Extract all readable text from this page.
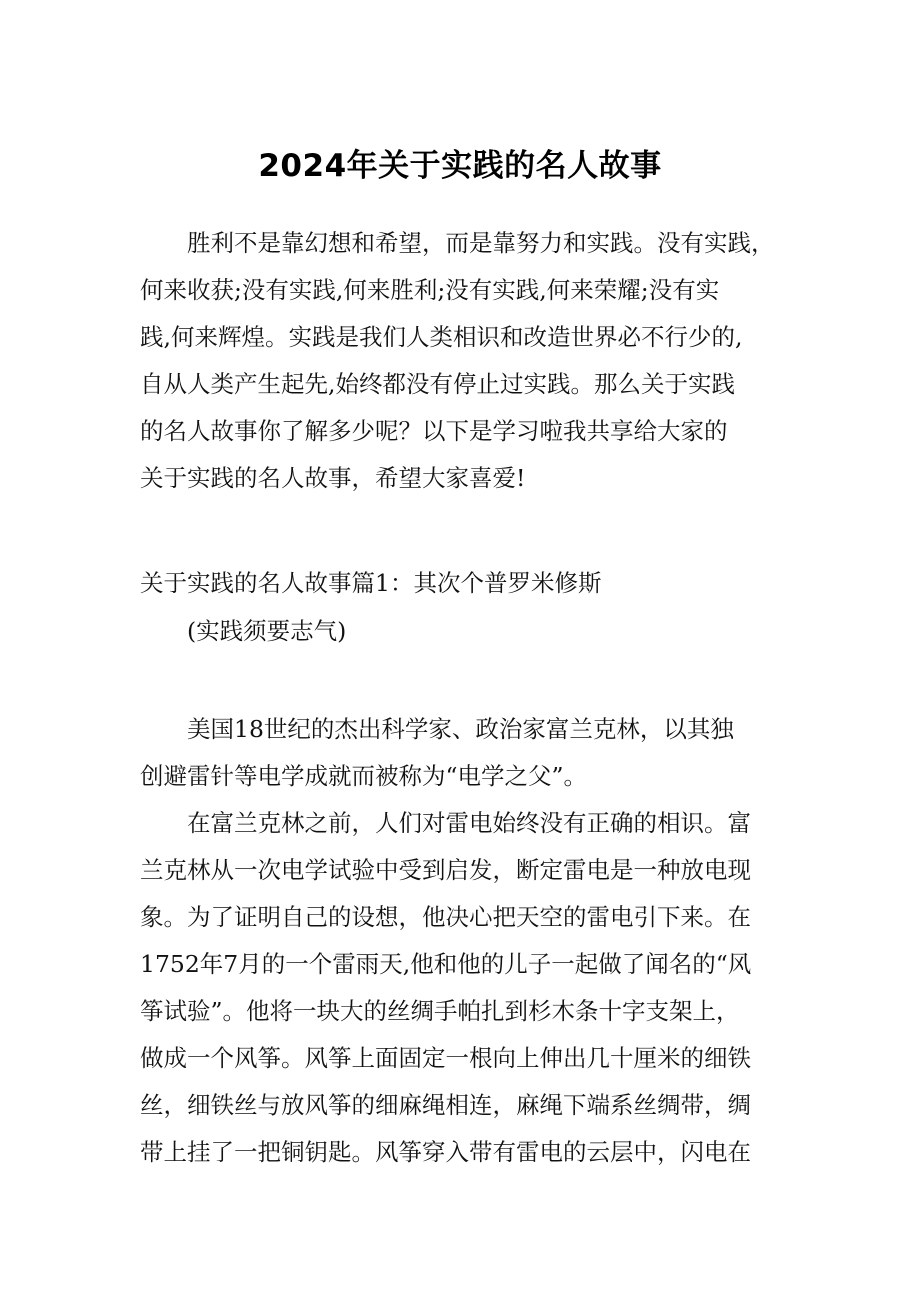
2024年关于实践的名人故事
胜利不是靠幻想和希望，而是靠努力和实践。没有实践，
何来收获;没有实践,何来胜利;没有实践,何来荣耀;没有实
践,何来辉煌。实践是我们人类相识和改造世界必不行少的,
自从人类产生起先,始终都没有停止过实践。那么关于实践
的名人故事你了解多少呢？以下是学习啦我共享给大家的
关于实践的名人故事，希望大家喜爱!
关于实践的名人故事篇1：其次个普罗米修斯
(实践须要志气)
美国18世纪的杰出科学家、政治家富兰克林，以其独
创避雷针等电学成就而被称为“电学之父”。
在富兰克林之前，人们对雷电始终没有正确的相识。富
兰克林从一次电学试验中受到启发，断定雷电是一种放电现
象。为了证明自己的设想，他决心把天空的雷电引下来。在
1752年7月的一个雷雨天,他和他的儿子一起做了闻名的“风
筝试验”。他将一块大的丝绸手帕扎到杉木条十字支架上，
做成一个风筝。风筝上面固定一根向上伸出几十厘米的细铁
丝，细铁丝与放风筝的细麻绳相连，麻绳下端系丝绸带，绸
带上挂了一把铜钥匙。风筝穿入带有雷电的云层中，闪电在
